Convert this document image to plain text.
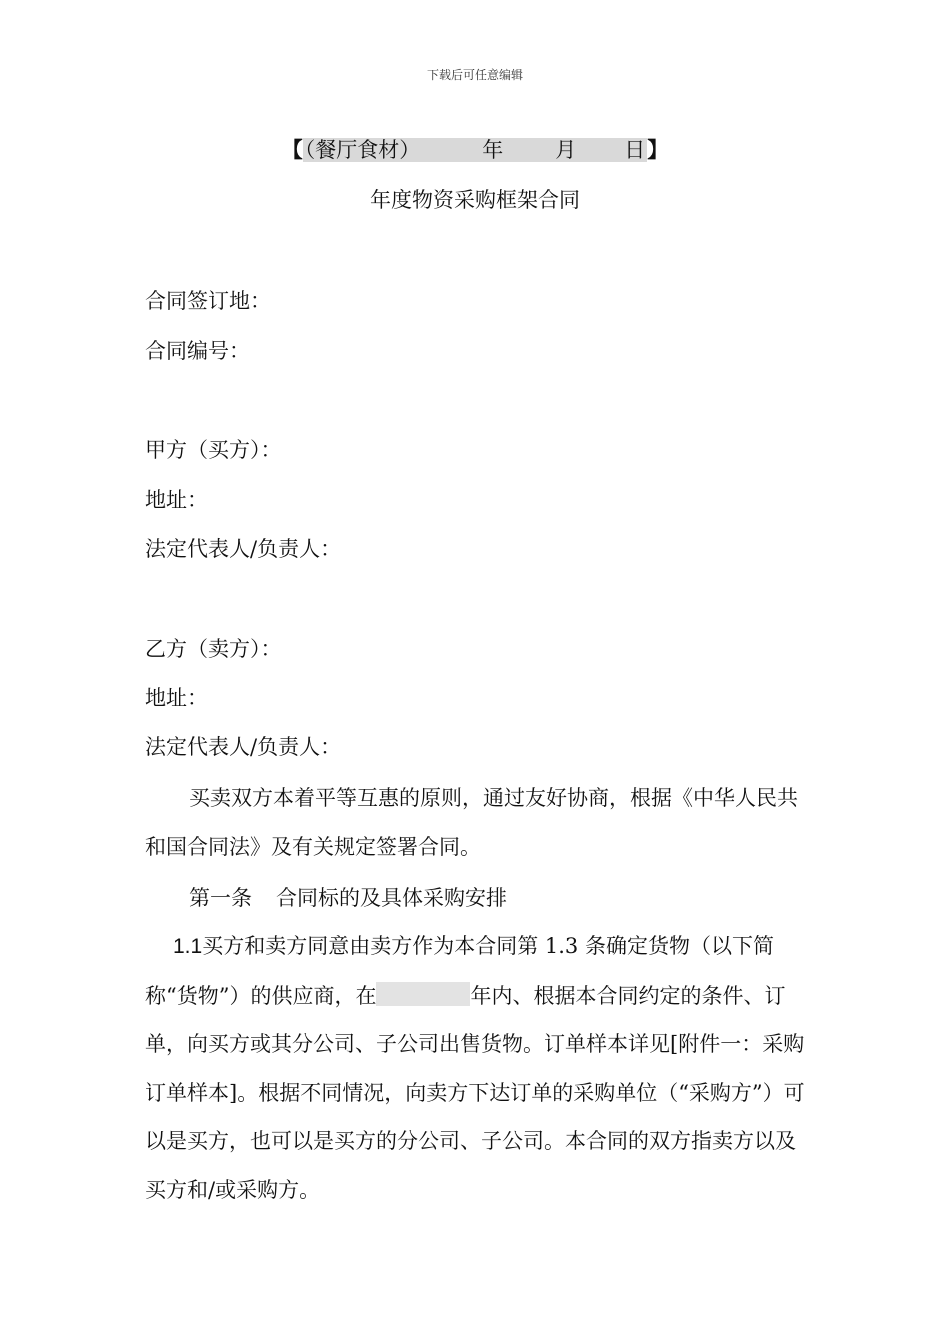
下载后可任意编辑
【（餐厅食材）	年 月 日】
年度物资采购框架合同
合同签订地：
合同编号：
甲方（买方）：
地址：
法定代表人/负责人：
乙方（卖方）：
地址：
法定代表人/负责人：
买卖双方本着平等互惠的原则，通过友好协商，根据《中华人民共和国合同法》及有关规定签署合同。
第一条 合同标的及具体采购安排
1.1买方和卖方同意由卖方作为本合同第 1.3 条确定货物（以下简称“货物”）的供应商，在	年内、根据本合同约定的条件、订单，向买方或其分公司、子公司出售货物。订单样本详见[附件一：采购订单样本]。根据不同情况，向卖方下达订单的采购单位（“采购方”）可以是买方，也可以是买方的分公司、子公司。本合同的双方指卖方以及买方和/或采购方。
